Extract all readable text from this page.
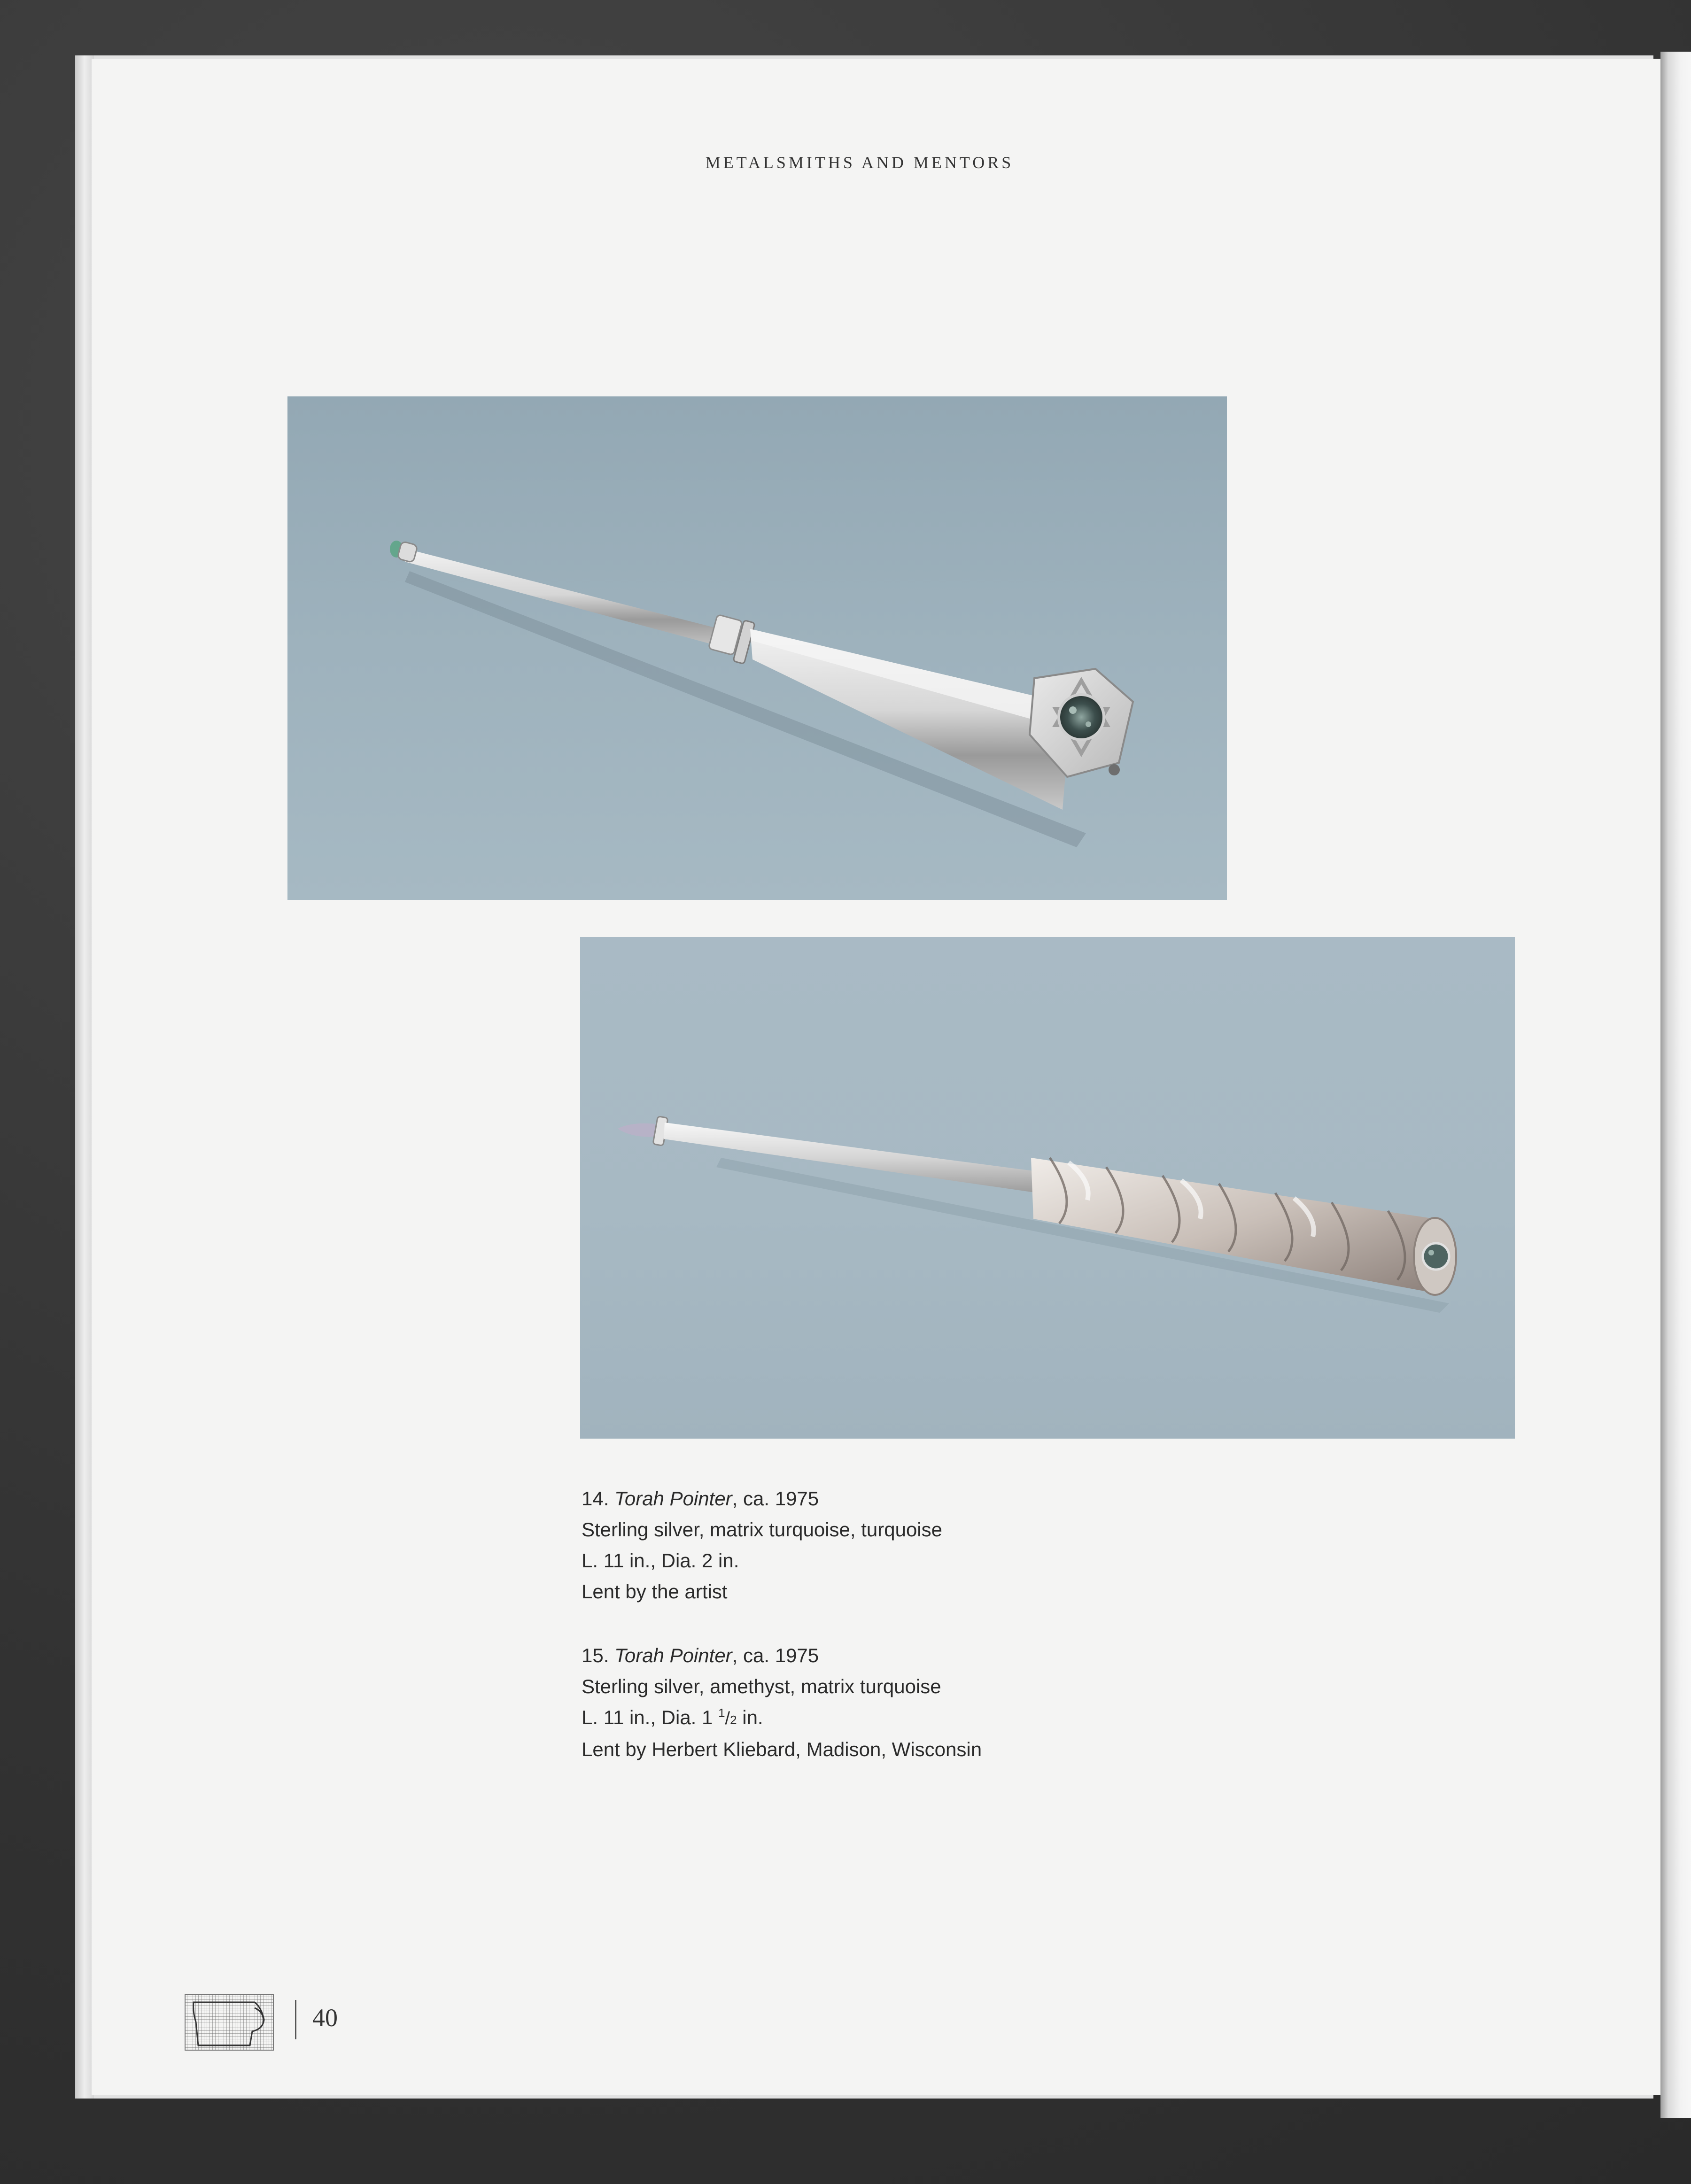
METALSMITHS AND MENTORS
14. Torah Pointer, ca. 1975
Sterling silver, matrix turquoise, turquoise
L. 11 in., Dia. 2 in.
Lent by the artist
15. Torah Pointer, ca. 1975
Sterling silver, amethyst, matrix turquoise
L. 11 in., Dia. 1 $^1$/2 in.
Lent by Herbert Kliebard, Madison, Wisconsin
40
